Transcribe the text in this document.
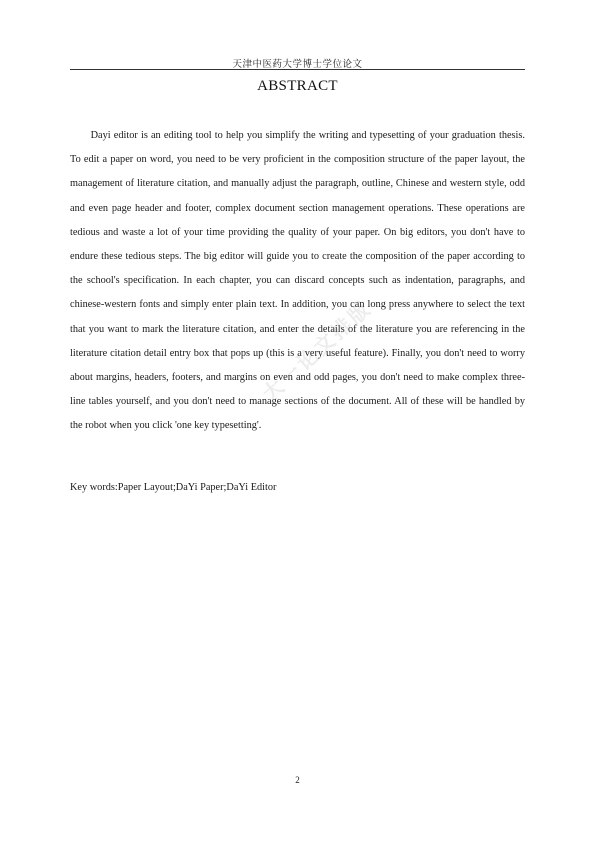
天津中医药大学博士学位论文
ABSTRACT

Dayi editor is an editing tool to help you simplify the writing and typesetting of your graduation thesis. To edit a paper on word, you need to be very proficient in the composition structure of the paper layout, the management of literature citation, and manually adjust the paragraph, outline, Chinese and western style, odd and even page header and footer, complex document section management operations. These operations are tedious and waste a lot of your time providing the quality of your paper. On big editors, you don't have to endure these tedious steps. The big editor will guide you to create the composition of the paper according to the school's specification. In each chapter, you can discard concepts such as indentation, paragraphs, and chinese-western fonts and simply enter plain text. In addition, you can long press anywhere to select the text that you want to mark the literature citation, and enter the details of the literature you are referencing in the literature citation detail entry box that pops up (this is a very useful feature). Finally, you don't need to worry about margins, headers, footers, and margins on even and odd pages, you don't need to make complex three-line tables yourself, and you don't need to manage sections of the document. All of these will be handled by the robot when you click 'one key typesetting'.

Key words:Paper Layout;DaYi Paper;DaYi Editor

大一论文排版
2
